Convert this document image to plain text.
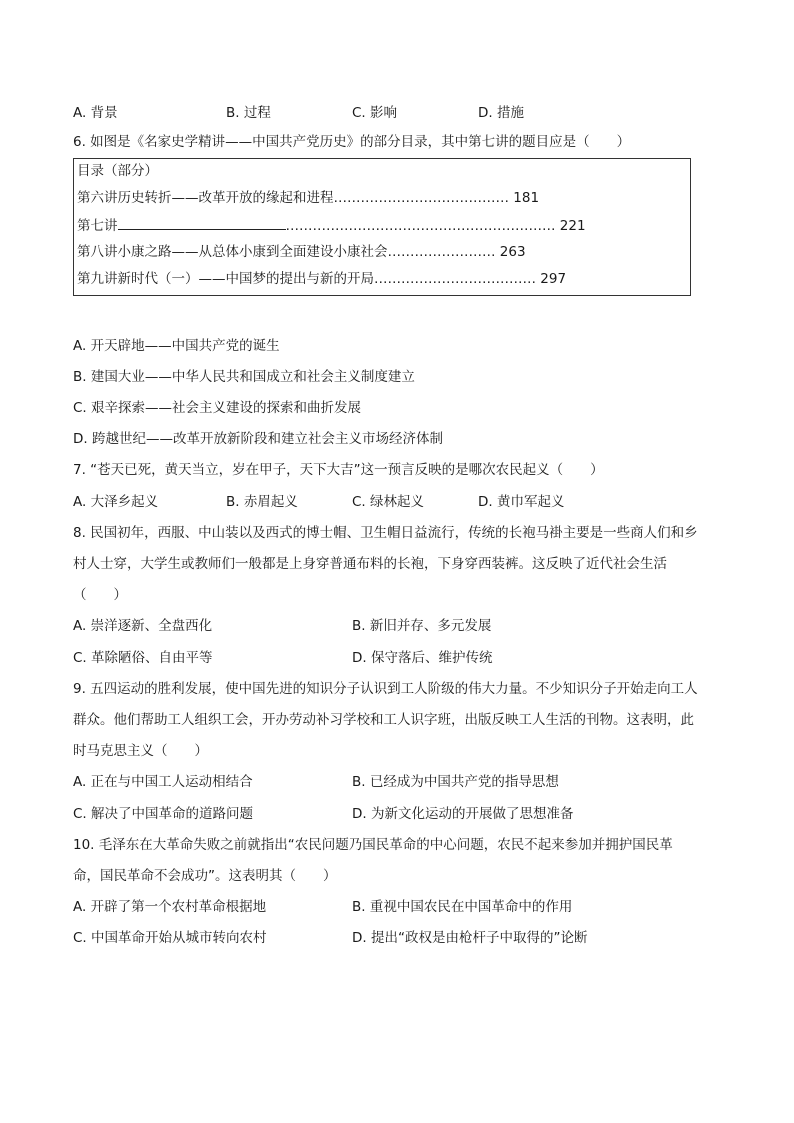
A. 背景	B. 过程	C. 影响	D. 措施
6. 如图是《名家史学精讲——中国共产党历史》的部分目录，其中第七讲的题目应是（　　）
目录（部分）
第六讲历史转折——改革开放的缘起和进程………………………………… 181
第七讲	…………………………………………………… 221
第八讲小康之路——从总体小康到全面建设小康社会…………………… 263
第九讲新时代（一）——中国梦的提出与新的开局……………………………… 297
A. 开天辟地——中国共产党的诞生
B. 建国大业——中华人民共和国成立和社会主义制度建立
C. 艰辛探索——社会主义建设的探索和曲折发展
D. 跨越世纪——改革开放新阶段和建立社会主义市场经济体制
7. “苍天已死，黄天当立，岁在甲子，天下大吉”这一预言反映的是哪次农民起义（　　）
A. 大泽乡起义	B. 赤眉起义	C. 绿林起义	D. 黄巾军起义
8. 民国初年，西服、中山装以及西式的博士帽、卫生帽日益流行，传统的长袍马褂主要是一些商人们和乡
村人士穿，大学生或教师们一般都是上身穿普通布料的长袍，下身穿西装裤。这反映了近代社会生活
（　　）
A. 崇洋逐新、全盘西化	B. 新旧并存、多元发展
C. 革除陋俗、自由平等	D. 保守落后、维护传统
9. 五四运动的胜利发展，使中国先进的知识分子认识到工人阶级的伟大力量。不少知识分子开始走向工人
群众。他们帮助工人组织工会，开办劳动补习学校和工人识字班，出版反映工人生活的刊物。这表明，此
时马克思主义（　　）
A. 正在与中国工人运动相结合	B. 已经成为中国共产党的指导思想
C. 解决了中国革命的道路问题	D. 为新文化运动的开展做了思想准备
10. 毛泽东在大革命失败之前就指出“农民问题乃国民革命的中心问题，农民不起来参加并拥护国民革
命，国民革命不会成功”。这表明其（　　）
A. 开辟了第一个农村革命根据地	B. 重视中国农民在中国革命中的作用
C. 中国革命开始从城市转向农村	D. 提出“政权是由枪杆子中取得的”论断
